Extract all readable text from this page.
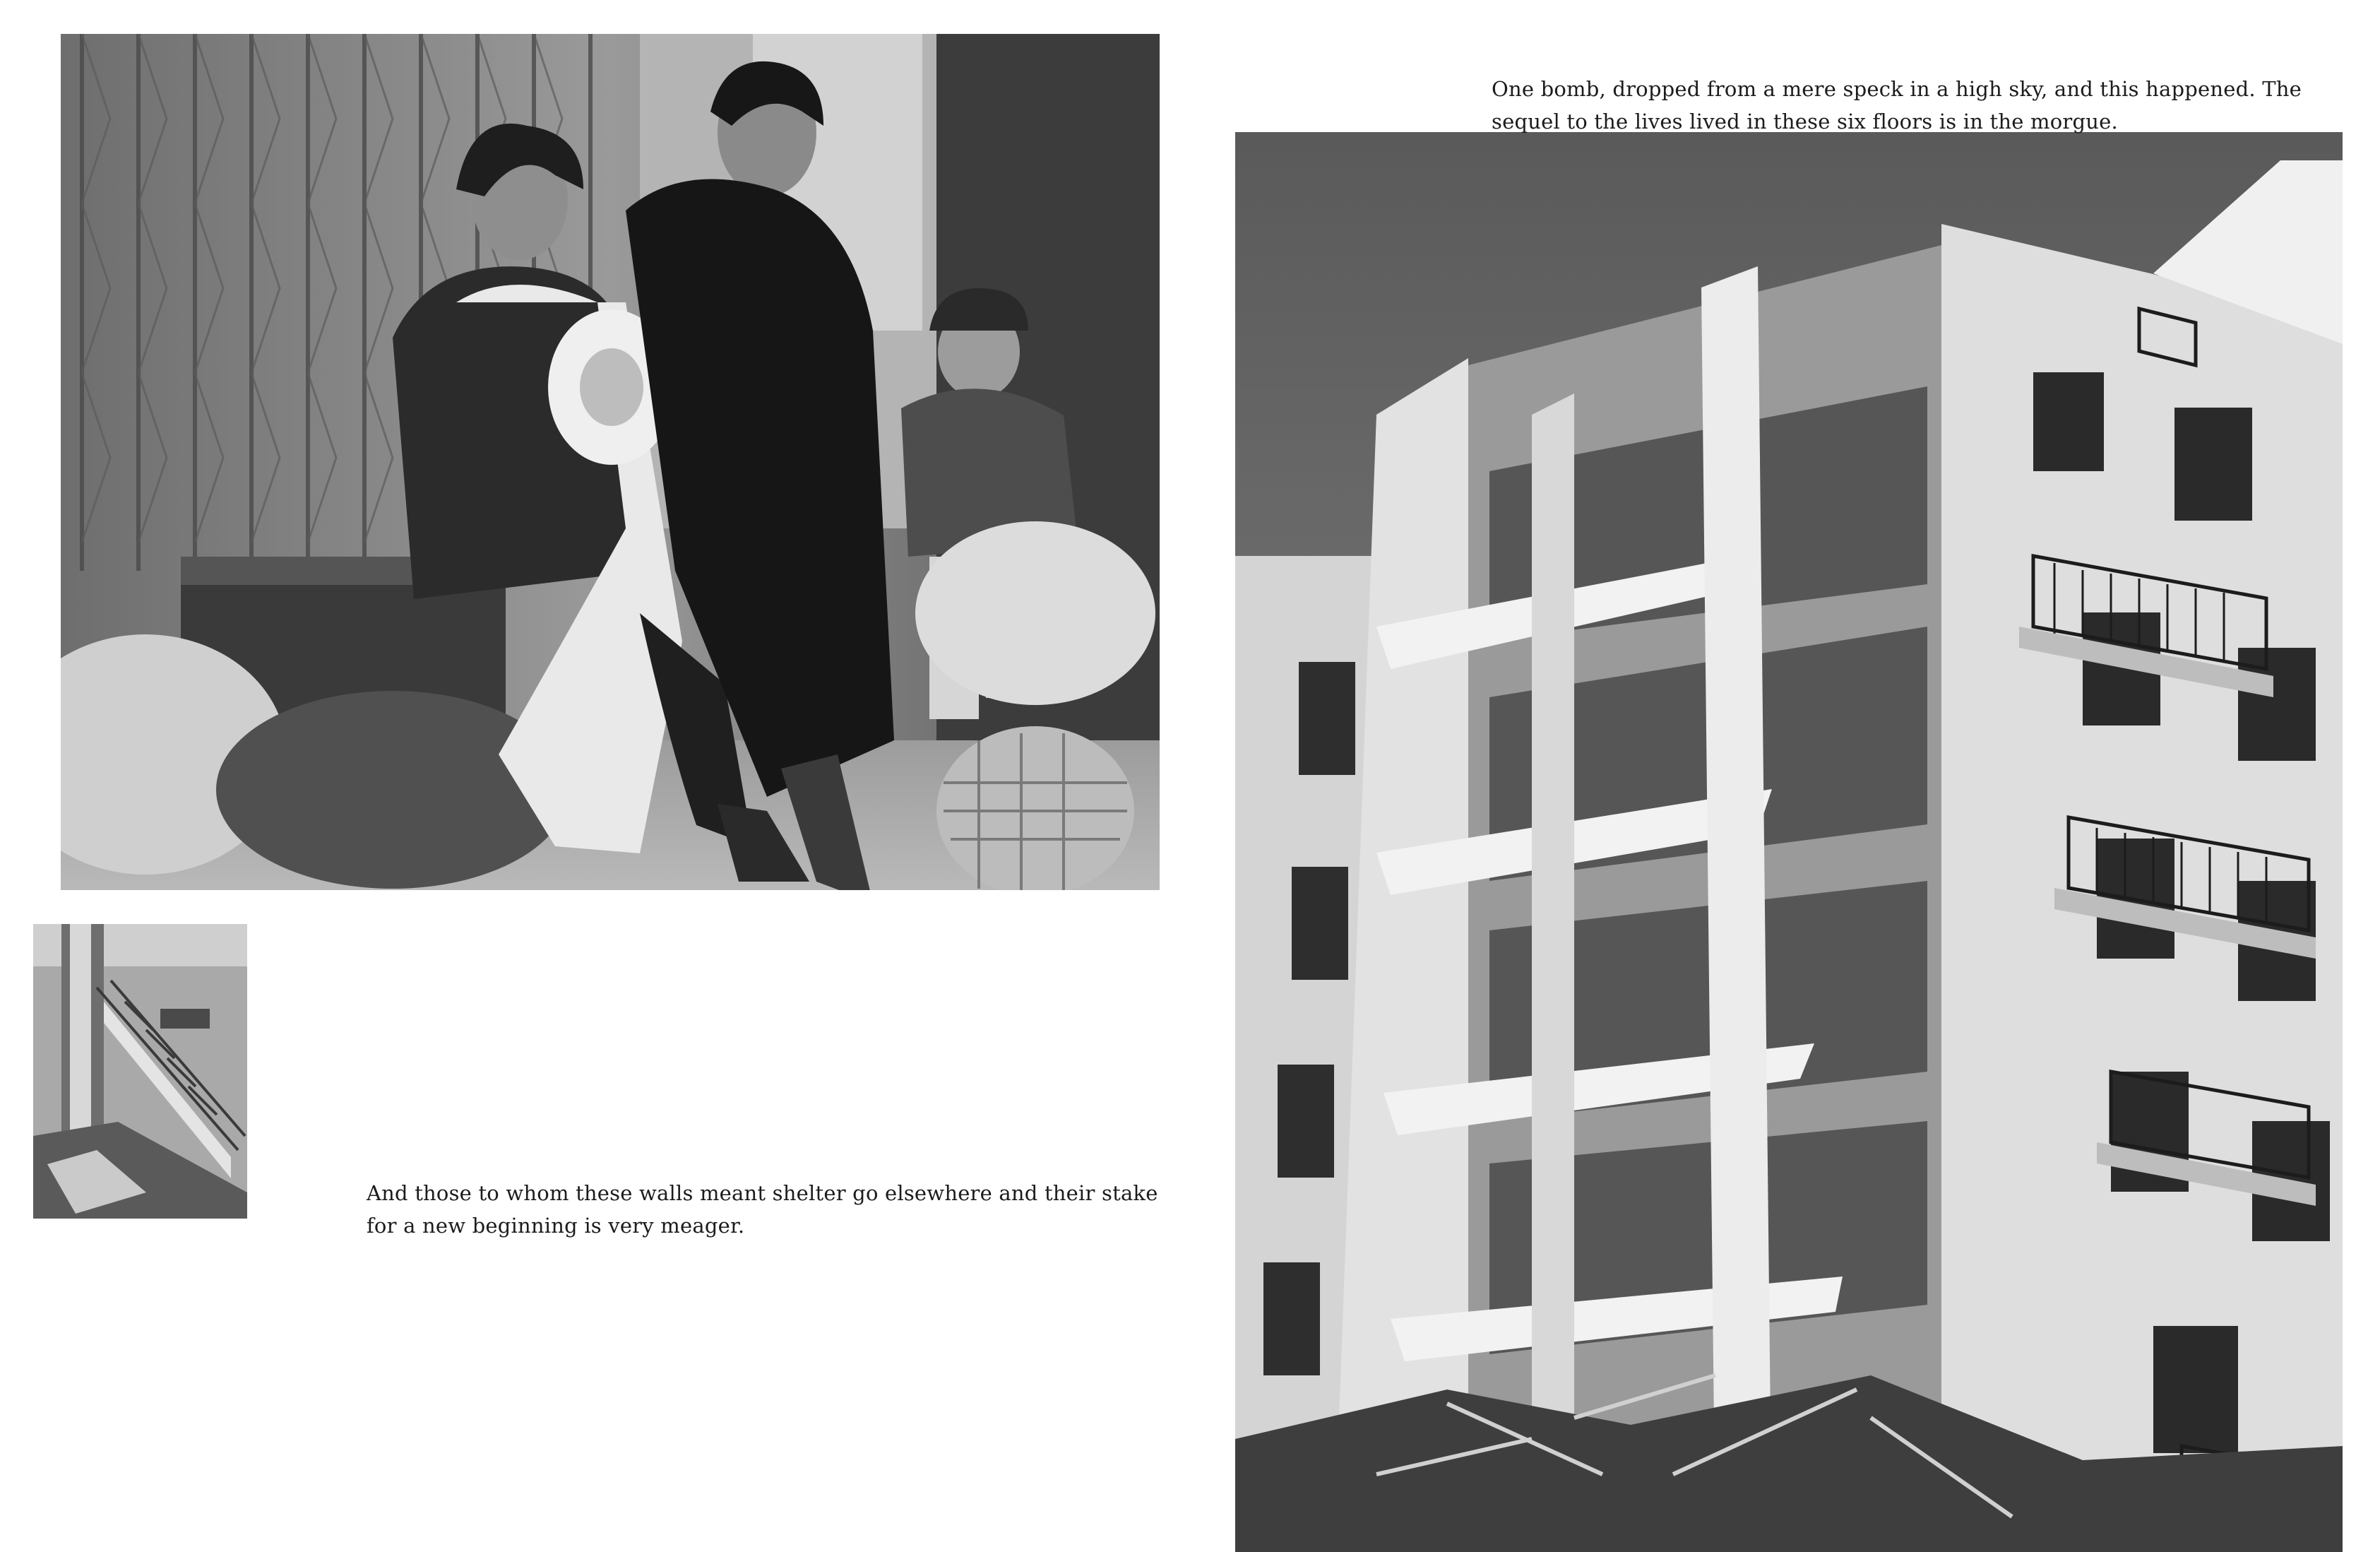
One bomb, dropped from a mere speck in a high sky, and this happened. The sequel to the lives lived in these six floors is in the morgue.

And those to whom these walls meant shelter go elsewhere and their stake for a new beginning is very meager.
